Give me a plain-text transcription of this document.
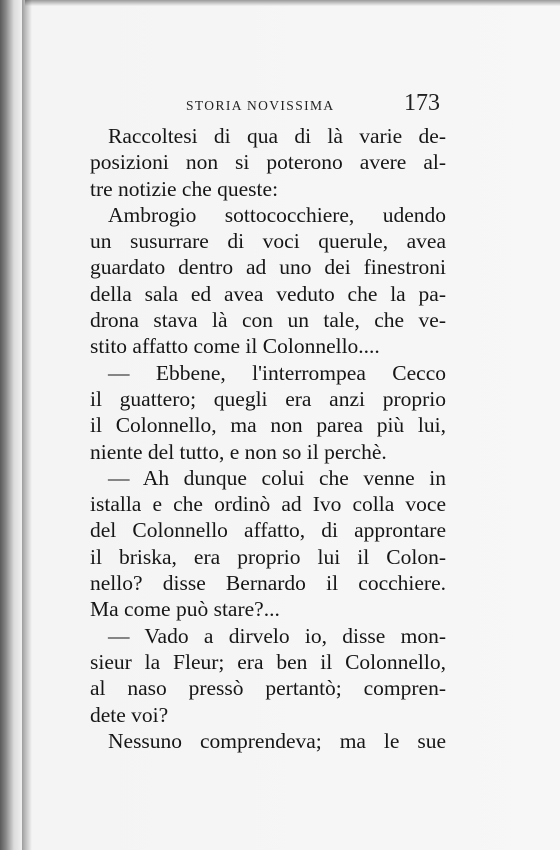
STORIA NOVISSIMA	173
Raccoltesi di qua di là varie de-
posizioni non si poterono avere al-
tre notizie che queste:
Ambrogio sottococchiere, udendo
un susurrare di voci querule, avea
guardato dentro ad uno dei finestroni
della sala ed avea veduto che la pa-
drona stava là con un tale, che ve-
stito affatto come il Colonnello....
— Ebbene, l'interrompea Cecco
il guattero; quegli era anzi proprio
il Colonnello, ma non parea più lui,
niente del tutto, e non so il perchè.
— Ah dunque colui che venne in
istalla e che ordinò ad Ivo colla voce
del Colonnello affatto, di approntare
il briska, era proprio lui il Colon-
nello? disse Bernardo il cocchiere.
Ma come può stare?...
— Vado a dirvelo io, disse mon-
sieur la Fleur; era ben il Colonnello,
al naso pressò pertantò; compren-
dete voi?
Nessuno comprendeva; ma le sue
